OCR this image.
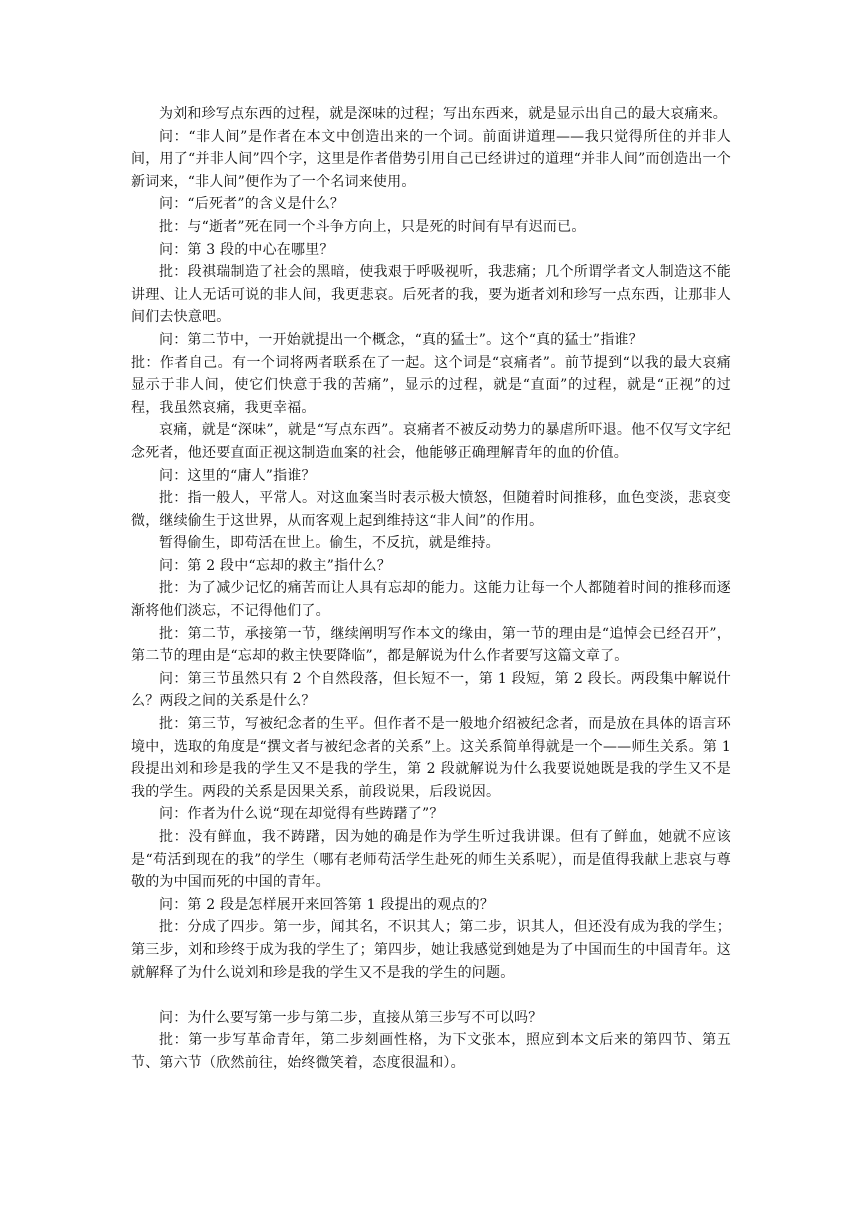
为刘和珍写点东西的过程，就是深味的过程；写出东西来，就是显示出自己的最大哀痛来。

问：“非人间”是作者在本文中创造出来的一个词。前面讲道理——我只觉得所住的并非人间，用了“并非人间”四个字，这里是作者借势引用自己已经讲过的道理“并非人间”而创造出一个新词来，“非人间”便作为了一个名词来使用。

问：“后死者”的含义是什么？

批：与“逝者”死在同一个斗争方向上，只是死的时间有早有迟而已。

问：第 3 段的中心在哪里？

批：段祺瑞制造了社会的黑暗，使我艰于呼吸视听，我悲痛；几个所谓学者文人制造这不能讲理、让人无话可说的非人间，我更悲哀。后死者的我，要为逝者刘和珍写一点东西，让那非人间们去快意吧。

问：第二节中，一开始就提出一个概念，“真的猛士”。这个“真的猛士”指谁？

批：作者自己。有一个词将两者联系在了一起。这个词是“哀痛者”。前节提到“以我的最大哀痛显示于非人间，使它们快意于我的苦痛”，显示的过程，就是“直面”的过程，就是“正视”的过程，我虽然哀痛，我更幸福。

哀痛，就是“深味”，就是“写点东西”。哀痛者不被反动势力的暴虐所吓退。他不仅写文字纪念死者，他还要直面正视这制造血案的社会，他能够正确理解青年的血的价值。

问：这里的“庸人”指谁？

批：指一般人，平常人。对这血案当时表示极大愤怒，但随着时间推移，血色变淡，悲哀变微，继续偷生于这世界，从而客观上起到维持这“非人间”的作用。

暂得偷生，即苟活在世上。偷生，不反抗，就是维持。

问：第 2 段中“忘却的救主”指什么？

批：为了减少记忆的痛苦而让人具有忘却的能力。这能力让每一个人都随着时间的推移而逐渐将他们淡忘，不记得他们了。

批：第二节，承接第一节，继续阐明写作本文的缘由，第一节的理由是“追悼会已经召开”，第二节的理由是“忘却的救主快要降临”，都是解说为什么作者要写这篇文章了。

问：第三节虽然只有 2 个自然段落，但长短不一，第 1 段短，第 2 段长。两段集中解说什么？两段之间的关系是什么？

批：第三节，写被纪念者的生平。但作者不是一般地介绍被纪念者，而是放在具体的语言环境中，选取的角度是“撰文者与被纪念者的关系”上。这关系简单得就是一个——师生关系。第 1 段提出刘和珍是我的学生又不是我的学生，第 2 段就解说为什么我要说她既是我的学生又不是我的学生。两段的关系是因果关系，前段说果，后段说因。

问：作者为什么说“现在却觉得有些踌躇了”？

批：没有鲜血，我不踌躇，因为她的确是作为学生听过我讲课。但有了鲜血，她就不应该是“苟活到现在的我”的学生（哪有老师苟活学生赴死的师生关系呢），而是值得我献上悲哀与尊敬的为中国而死的中国的青年。

问：第 2 段是怎样展开来回答第 1 段提出的观点的？

批：分成了四步。第一步，闻其名，不识其人；第二步，识其人，但还没有成为我的学生；第三步，刘和珍终于成为我的学生了；第四步，她让我感觉到她是为了中国而生的中国青年。这就解释了为什么说刘和珍是我的学生又不是我的学生的问题。

问：为什么要写第一步与第二步，直接从第三步写不可以吗？

批：第一步写革命青年，第二步刻画性格，为下文张本，照应到本文后来的第四节、第五节、第六节（欣然前往，始终微笑着，态度很温和）。
